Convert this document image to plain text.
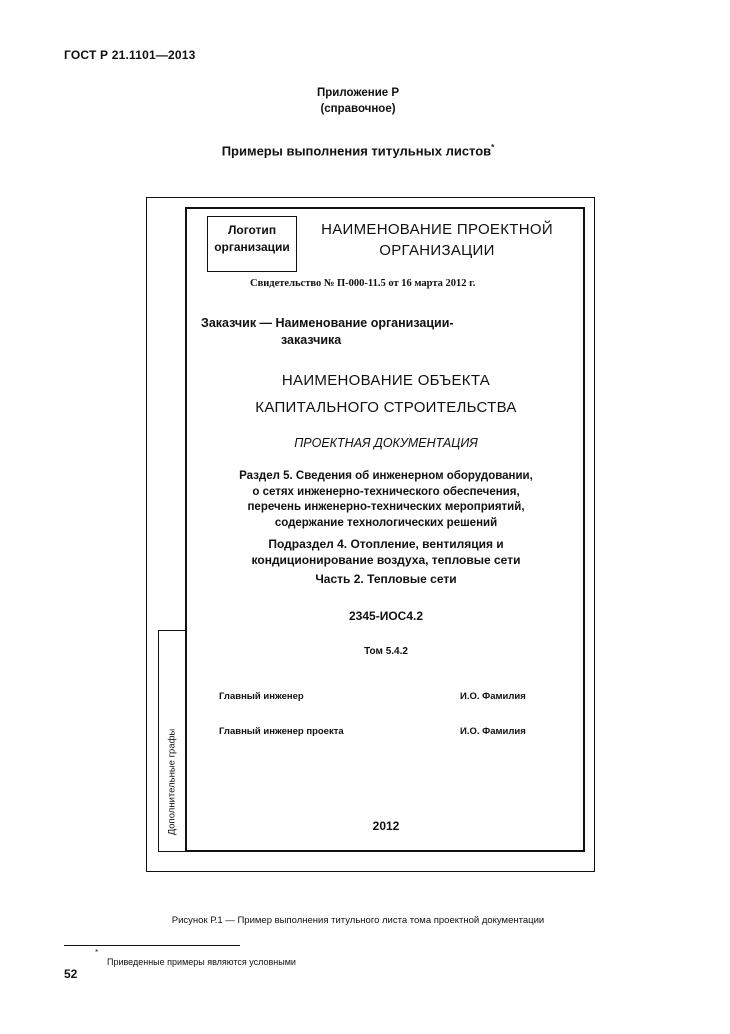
ГОСТ Р 21.1101—2013
Приложение Р
(справочное)
Примеры выполнения титульных листов*
Дополнительные графы
Логотип
организации
НАИМЕНОВАНИЕ ПРОЕКТНОЙ
ОРГАНИЗАЦИИ
Свидетельство № П-000-11.5 от 16 марта 2012 г.
Заказчик — Наименование организации-
заказчика
НАИМЕНОВАНИЕ ОБЪЕКТА
КАПИТАЛЬНОГО СТРОИТЕЛЬСТВА
ПРОЕКТНАЯ ДОКУМЕНТАЦИЯ
Раздел 5. Сведения об инженерном оборудовании,
о сетях инженерно-технического обеспечения,
перечень инженерно-технических мероприятий,
содержание технологических решений
Подраздел 4. Отопление, вентиляция и
кондиционирование воздуха, тепловые сети
Часть 2. Тепловые сети
2345-ИОС4.2
Том 5.4.2
Главный инженер	И.О. Фамилия
Главный инженер проекта	И.О. Фамилия
2012
Рисунок Р.1 — Пример выполнения титульного листа тома проектной документации
*
Приведенные примеры являются условными
52
